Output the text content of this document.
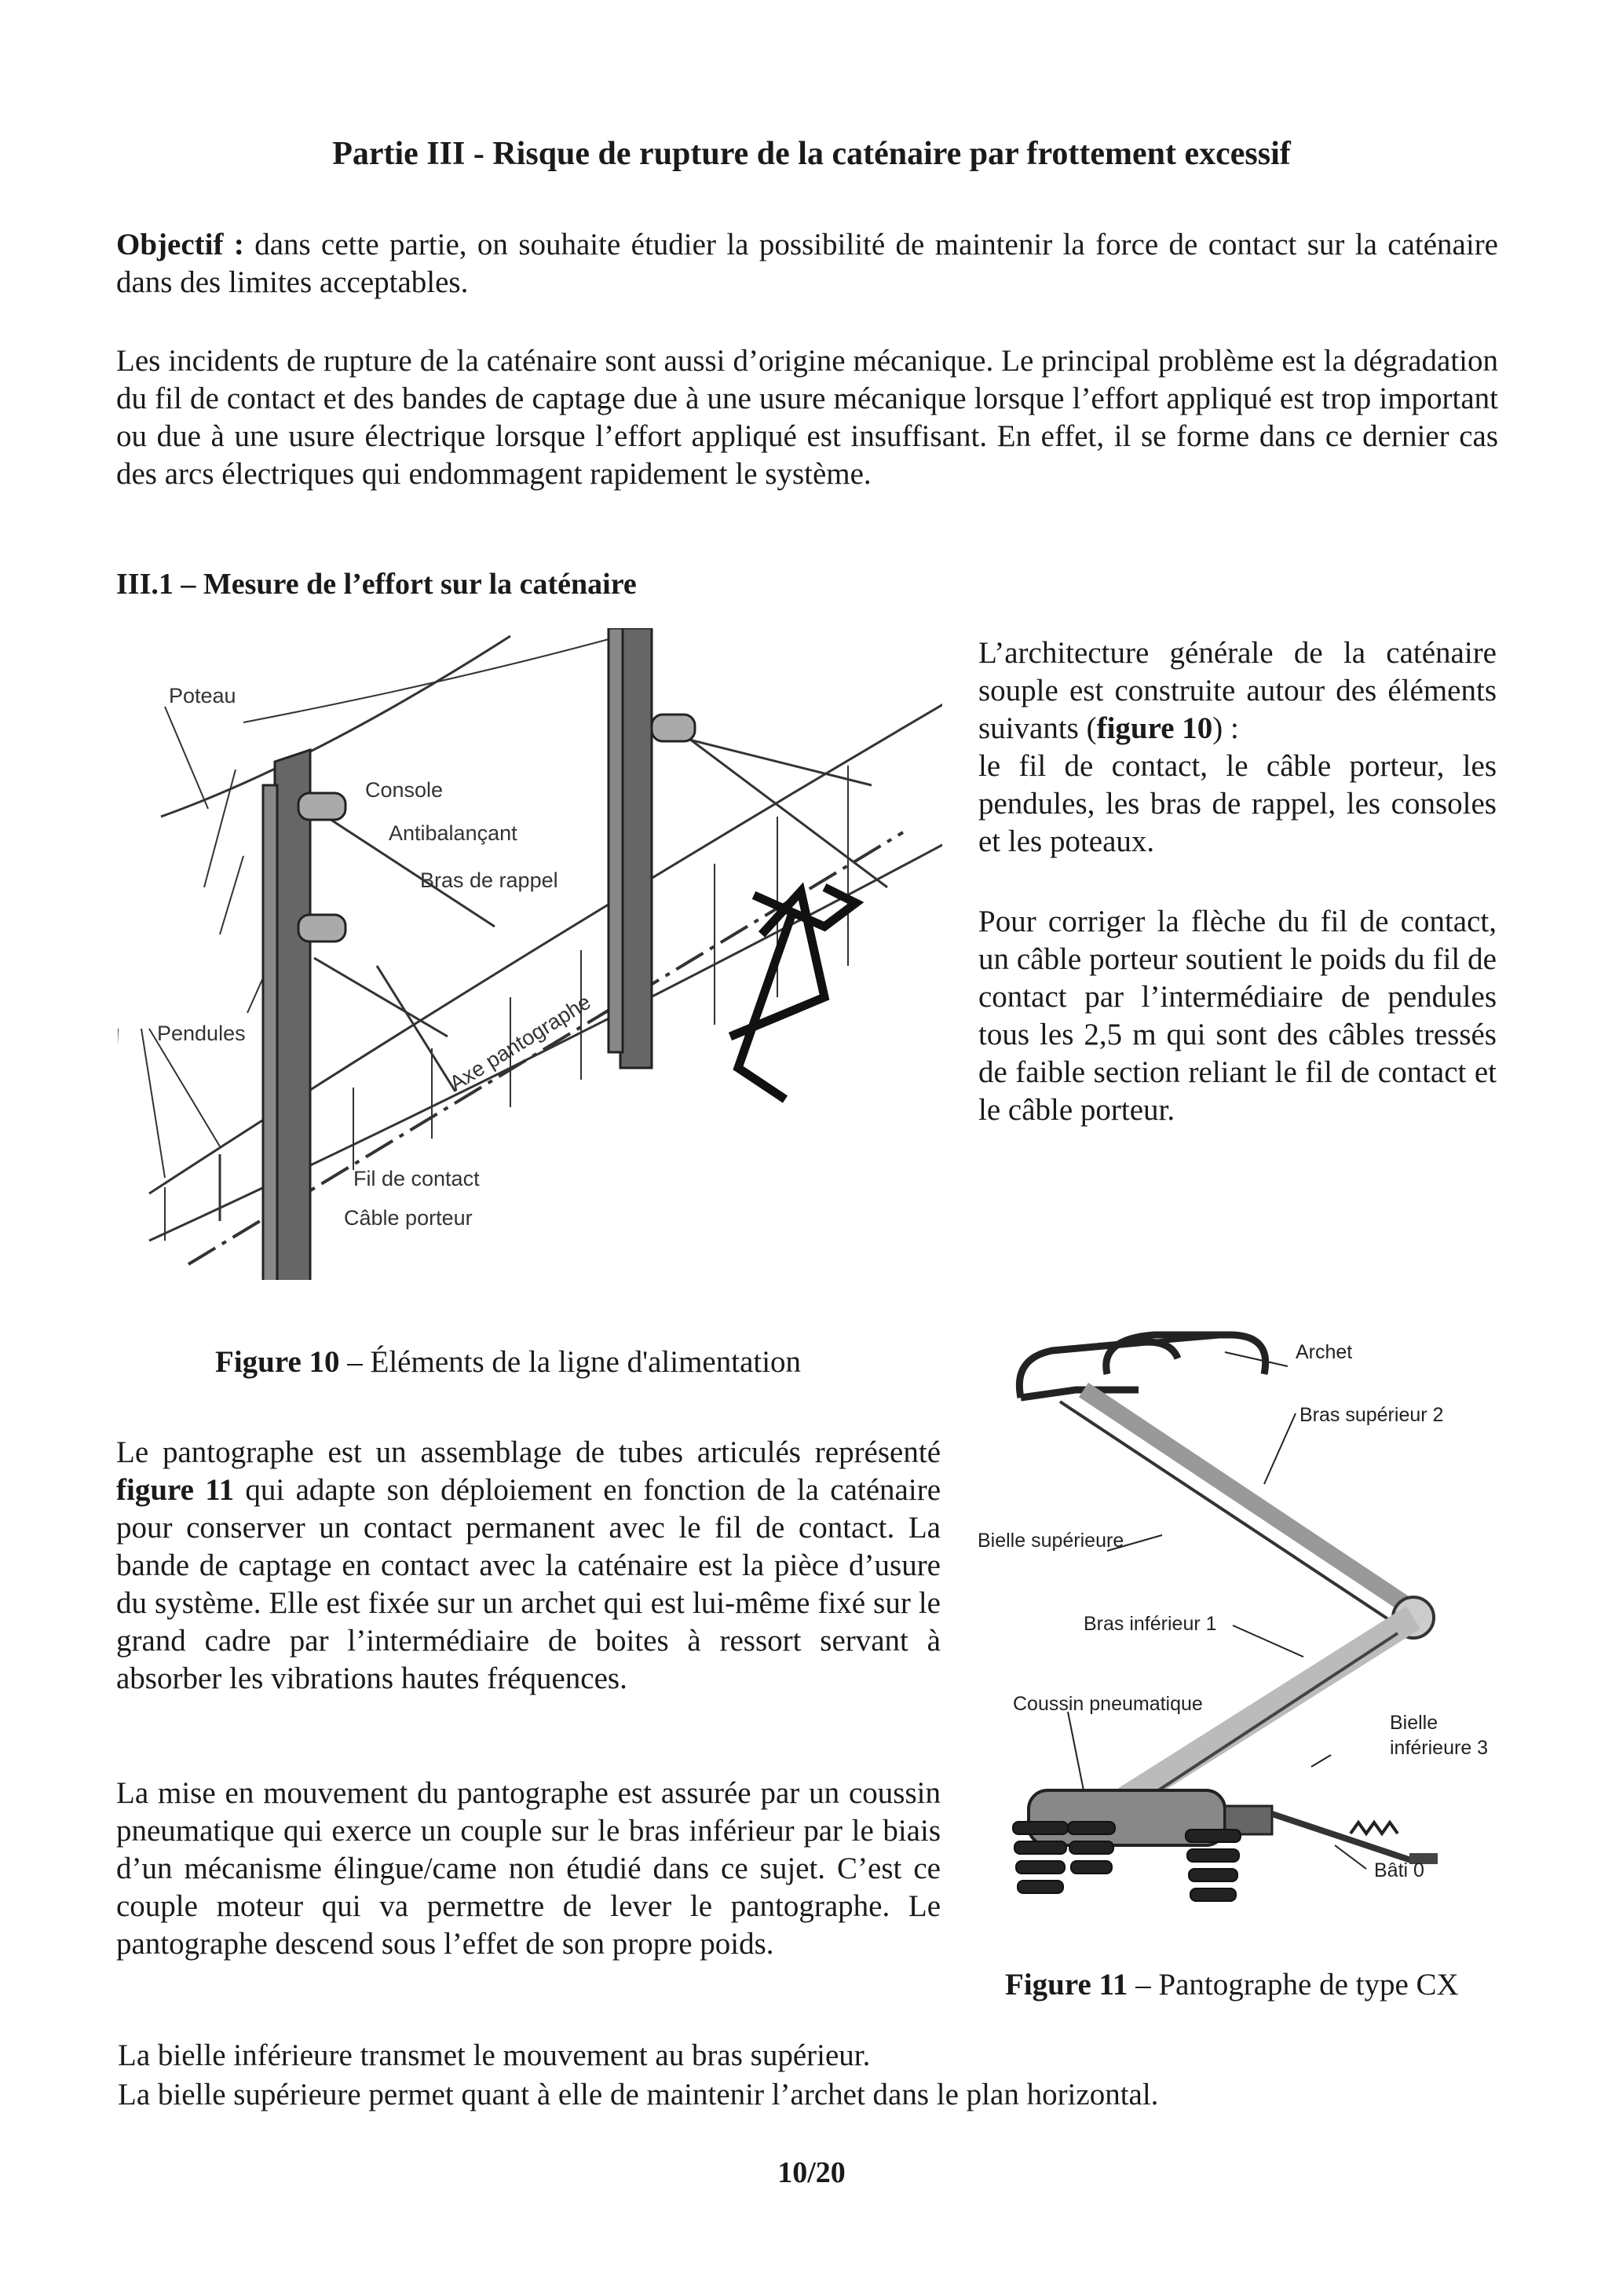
Partie III - Risque de rupture de la caténaire par frottement excessif
Objectif : dans cette partie, on souhaite étudier la possibilité de maintenir la force de contact sur la caténaire dans des limites acceptables.
Les incidents de rupture de la caténaire sont aussi d’origine mécanique. Le principal problème est la dégradation du fil de contact et des bandes de captage due à une usure mécanique lorsque l’effort appliqué est trop important ou due à une usure électrique lorsque l’effort appliqué est insuffisant. En effet, il se forme dans ce dernier cas des arcs électriques qui endommagent rapidement le système.
III.1 – Mesure de l’effort sur la caténaire
Poteau
Console
Antibalançant
Bras de rappel
Pendules	Axe pantographe
Fil de contact
Câble porteur
L’architecture générale de la caténaire souple est construite autour des éléments suivants (figure 10) :
le fil de contact, le câble porteur, les pendules, les bras de rappel, les consoles et les poteaux.
Pour corriger la flèche du fil de contact, un câble porteur soutient le poids du fil de contact par l’intermédiaire de pendules tous les 2,5 m qui sont des câbles tressés de faible section reliant le fil de contact et le câble porteur.
Figure 10 – Éléments de la ligne d'alimentation
Le pantographe est un assemblage de tubes articulés représenté figure 11 qui adapte son déploiement en fonction de la caténaire pour conserver un contact permanent avec le fil de contact. La bande de captage en contact avec la caténaire est la pièce d’usure du système. Elle est fixée sur un archet qui est lui-même fixé sur le grand cadre par l’intermédiaire de boites à ressort servant à absorber les vibrations hautes fréquences.
La mise en mouvement du pantographe est assurée par un coussin pneumatique qui exerce un couple sur le bras inférieur par le biais d’un mécanisme élingue/came non étudié dans ce sujet. C’est ce couple moteur qui va permettre de lever le pantographe. Le pantographe descend sous l’effet de son propre poids.
Archet
Bras supérieur 2
Bielle supérieure
Bras inférieur 1
Coussin pneumatique
Bielle
inférieure 3
Bâti 0
Figure 11 – Pantographe de type CX
La bielle inférieure transmet le mouvement au bras supérieur.
La bielle supérieure permet quant à elle de maintenir l’archet dans le plan horizontal.
10/20
